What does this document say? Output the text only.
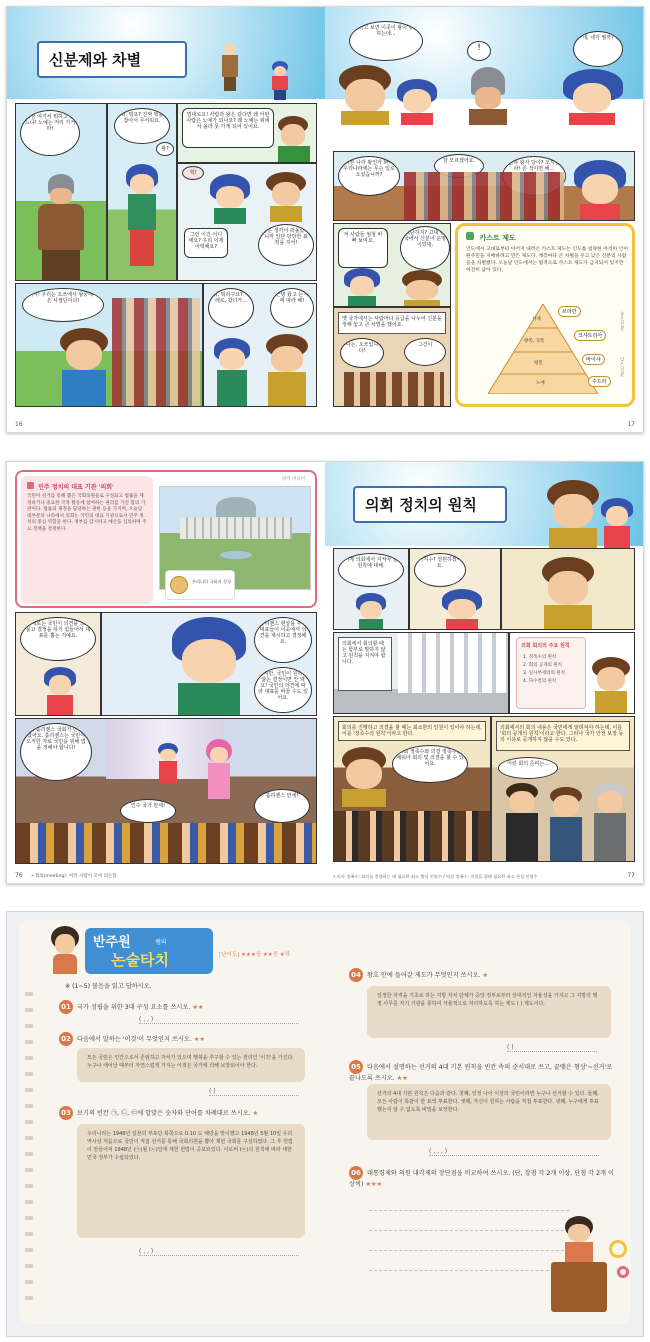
신분제와 차별
지금 여기서 뭐하고 있느냐! 노예는 저리 가거라!
뭐, 뭐요? 진짜 뭐를 잡아서 무서워요.
왕?
법대로요! 사람과 왕은 같다면 왜 어떤 사람은 노예가 되나요? 왜 노예는 위에서 올라 못 가게 되어 있어요.
헉!
그런 이건 어디에요? 우리 이제 어떡해요?
좋은 생각이 떠올랐다니까 일단 당당한 표정을 지어!
비켜! 우리는 오쓰에서 왕궁에서 온 사절단이다!
뭐, 뭐라구요? 거래로, 갔다가...
근방 왔고 논지에 따라 해!
16
그러고 보면 이곳이 왕이 통치하는데...
!
네, 네가 뭘까?
다른 나라 왕인가 봐서 우리나라에는 무슨 일로 오셨습니까?
잘 모르겠어요.	신하 왕자 당이? 오지말라! 존 적이면 해...
저 사람들 엄청 바빠 보여요.
대단하지? 고대 왕국에서 신분이 운명이었대.
옛 국가에서는 사람마다 등급을 나누어 신분을 정해 놓고 큰 차별을 했어요.
나는, 오쓰입니다!
그건이
카스트 제도
인도에서 고대로부터 이어져 내려온 카스트 제도는 인도를 침략한 아리아 인이 원주민을 지배하려고 만든 제도다. 계층마다 큰 차별을 두고 낮은 신분의 사람들을 차별했다. 오늘날 인도에서는 법적으로 카스트 제도가 금지되어 있지만 여전히 남아 있다.
사제
왕족, 귀족
평민
노예
브라만
크샤트리아
바이샤
수드라
높은 신분
낮은 신분
17
민주 정치의 대표 기관 '의회'
국민이 선거를 통해 뽑은 국회의원들로 구성되고 법률을 제정하거나 중요한 국정 활동에 참여하는 권리를 가진 합의 기관이다. 법률의 제정을 담당하는 권한 등을 가지며, 오늘날 대부분의 나라에서 의회는 국민의 대표 기관으로서 민주 정치의 중심 역할을 한다. 정부를 감시하고 예산을 심의하며 주요 정책을 결정한다.
위키 미디어
우리나라 국회의 상징
실제로는 국민이 의견을 모두 묻고 결정을 하기 힘들어서 대표를 뽑는 거예요.
콜리젠스 현상을 우리 대표들이 이곳에서 의견을 제시하고 결정해요.
하지만, 국민이 원하지 않는 결정이면 안 돼요! 국민의 의견에 따라 대표를 바꿀 수도 있어요.
이제 홀리젠스 국회가 만들어졌어요. 홀리젠스는 국민이 오직한 자로 국민을 위해 법을 정해야 합니다!
인수 국가 만세!
홀리젠스 만세!
76 • 회의(meeting): 여러 사람이 모여 의논함.
의회 정치의 원칙
이제 의회에서 지켜야 할 원칙에 대해.
가지수? 성원하겠어요.
의회에서 회의할 때는 함부로 말하지 않고 원칙을 지켜야 합니다.
의회 회의의 주요 원칙
1. 정족수의 원칙
2. 회의 공개의 원칙
3. 일사부재의의 원칙
4. 다수결의 원칙
회의를 진행하고 의결을 할 때는 최소한의 인원이 있어야 하는데, 이를 '정족수의 원칙'이라고 한다.
의회 정족수와 의결 정족수를 채워야 회의 및 의결을 할 수 있어요.
의회에서의 회의 내용은 국민에게 알려져야 하는데, 이를 '회의 공개의 원칙'이라고 한다. 그러나 국가 안전 보장 등의 이유로 공개하지 않을 수도 있다.
이런 회의 준비는...
• 의사 정족수: 회의를 진행하는 데 필요한 최소 출석 인원수 / 의결 정족수: 의결을 위해 필요한 최소 찬성 인원수	77
반주원	쌤의
논술타치	[난이도] ★★★상 ★★중 ★하
※ (1~5) 물음을 읽고 답하시오.
01 국가 성립을 위한 3대 구성 요소를 쓰시오. ★★
( , , )
02 다음에서 말하는 '이것'이 무엇인지 쓰시오. ★★
모든 국민은 인간으로서 존엄하고 가치가 있으며 행복을 추구할 수 있는 권리인 '이것'을 가진다. 누구나 태어날 때부터 자연스럽게 가지는 이것은 국가에 의해 보장되어야 한다.
( )
03 보기의 빈칸 ㉠, ㉡, ㉢에 알맞은 숫자와 단어를 차례대로 쓰시오. ★
우리나라는 1948년 일본의 부포단 북쪽으로 0.10 도 해방을 맞이했고 1948년 5월 10일 우리 역사상 처음으로 국민이 직접 선거를 통해 국회의원을 뽑아 제헌 국회를 구성하였다. 그 후 헌법이 만들어져 1948년 (㉠)월 (㉡)일에 제헌 헌법이 공포되었다. 이로써 (㉢)의 원칙에 따라 대한민국 정부가 수립되었다.
( , , )
04 왕호 안에 들어갈 제도가 무엇인지 쓰시오. ★
일정한 자격을 기초로 하는 지방 자치 단체가 중앙 정부로부터 상대적인 자율성을 가지고 그 지방의 행정 사무를 자기 기관을 통하여 자율적으로 처리하도록 하는 제도 ( ) 제도이다.
( )
05 다음에서 설명하는 선거의 4대 기본 원칙을 빈칸 속의 순서대로 쓰고, 끝맺은 형상'~선거'로 끝나도록 쓰시오. ★★
선거의 4대 기본 원칙은 다음과 같다. 첫째, 일정 나이 이상의 국민이라면 누구나 선거할 수 있다. 둘째, 모든 사람이 똑같이 한 표씩 투표한다. 셋째, 자신이 원하는 사람을 직접 투표한다. 넷째, 누구에게 투표했는지 알 수 없도록 비밀을 보장한다.
( , , , )
06 대통령제와 의원 내각제의 장단점을 비교하여 쓰시오. (단, 장점 각 2개 이상, 단점 각 2개 이상씩) ★★★
